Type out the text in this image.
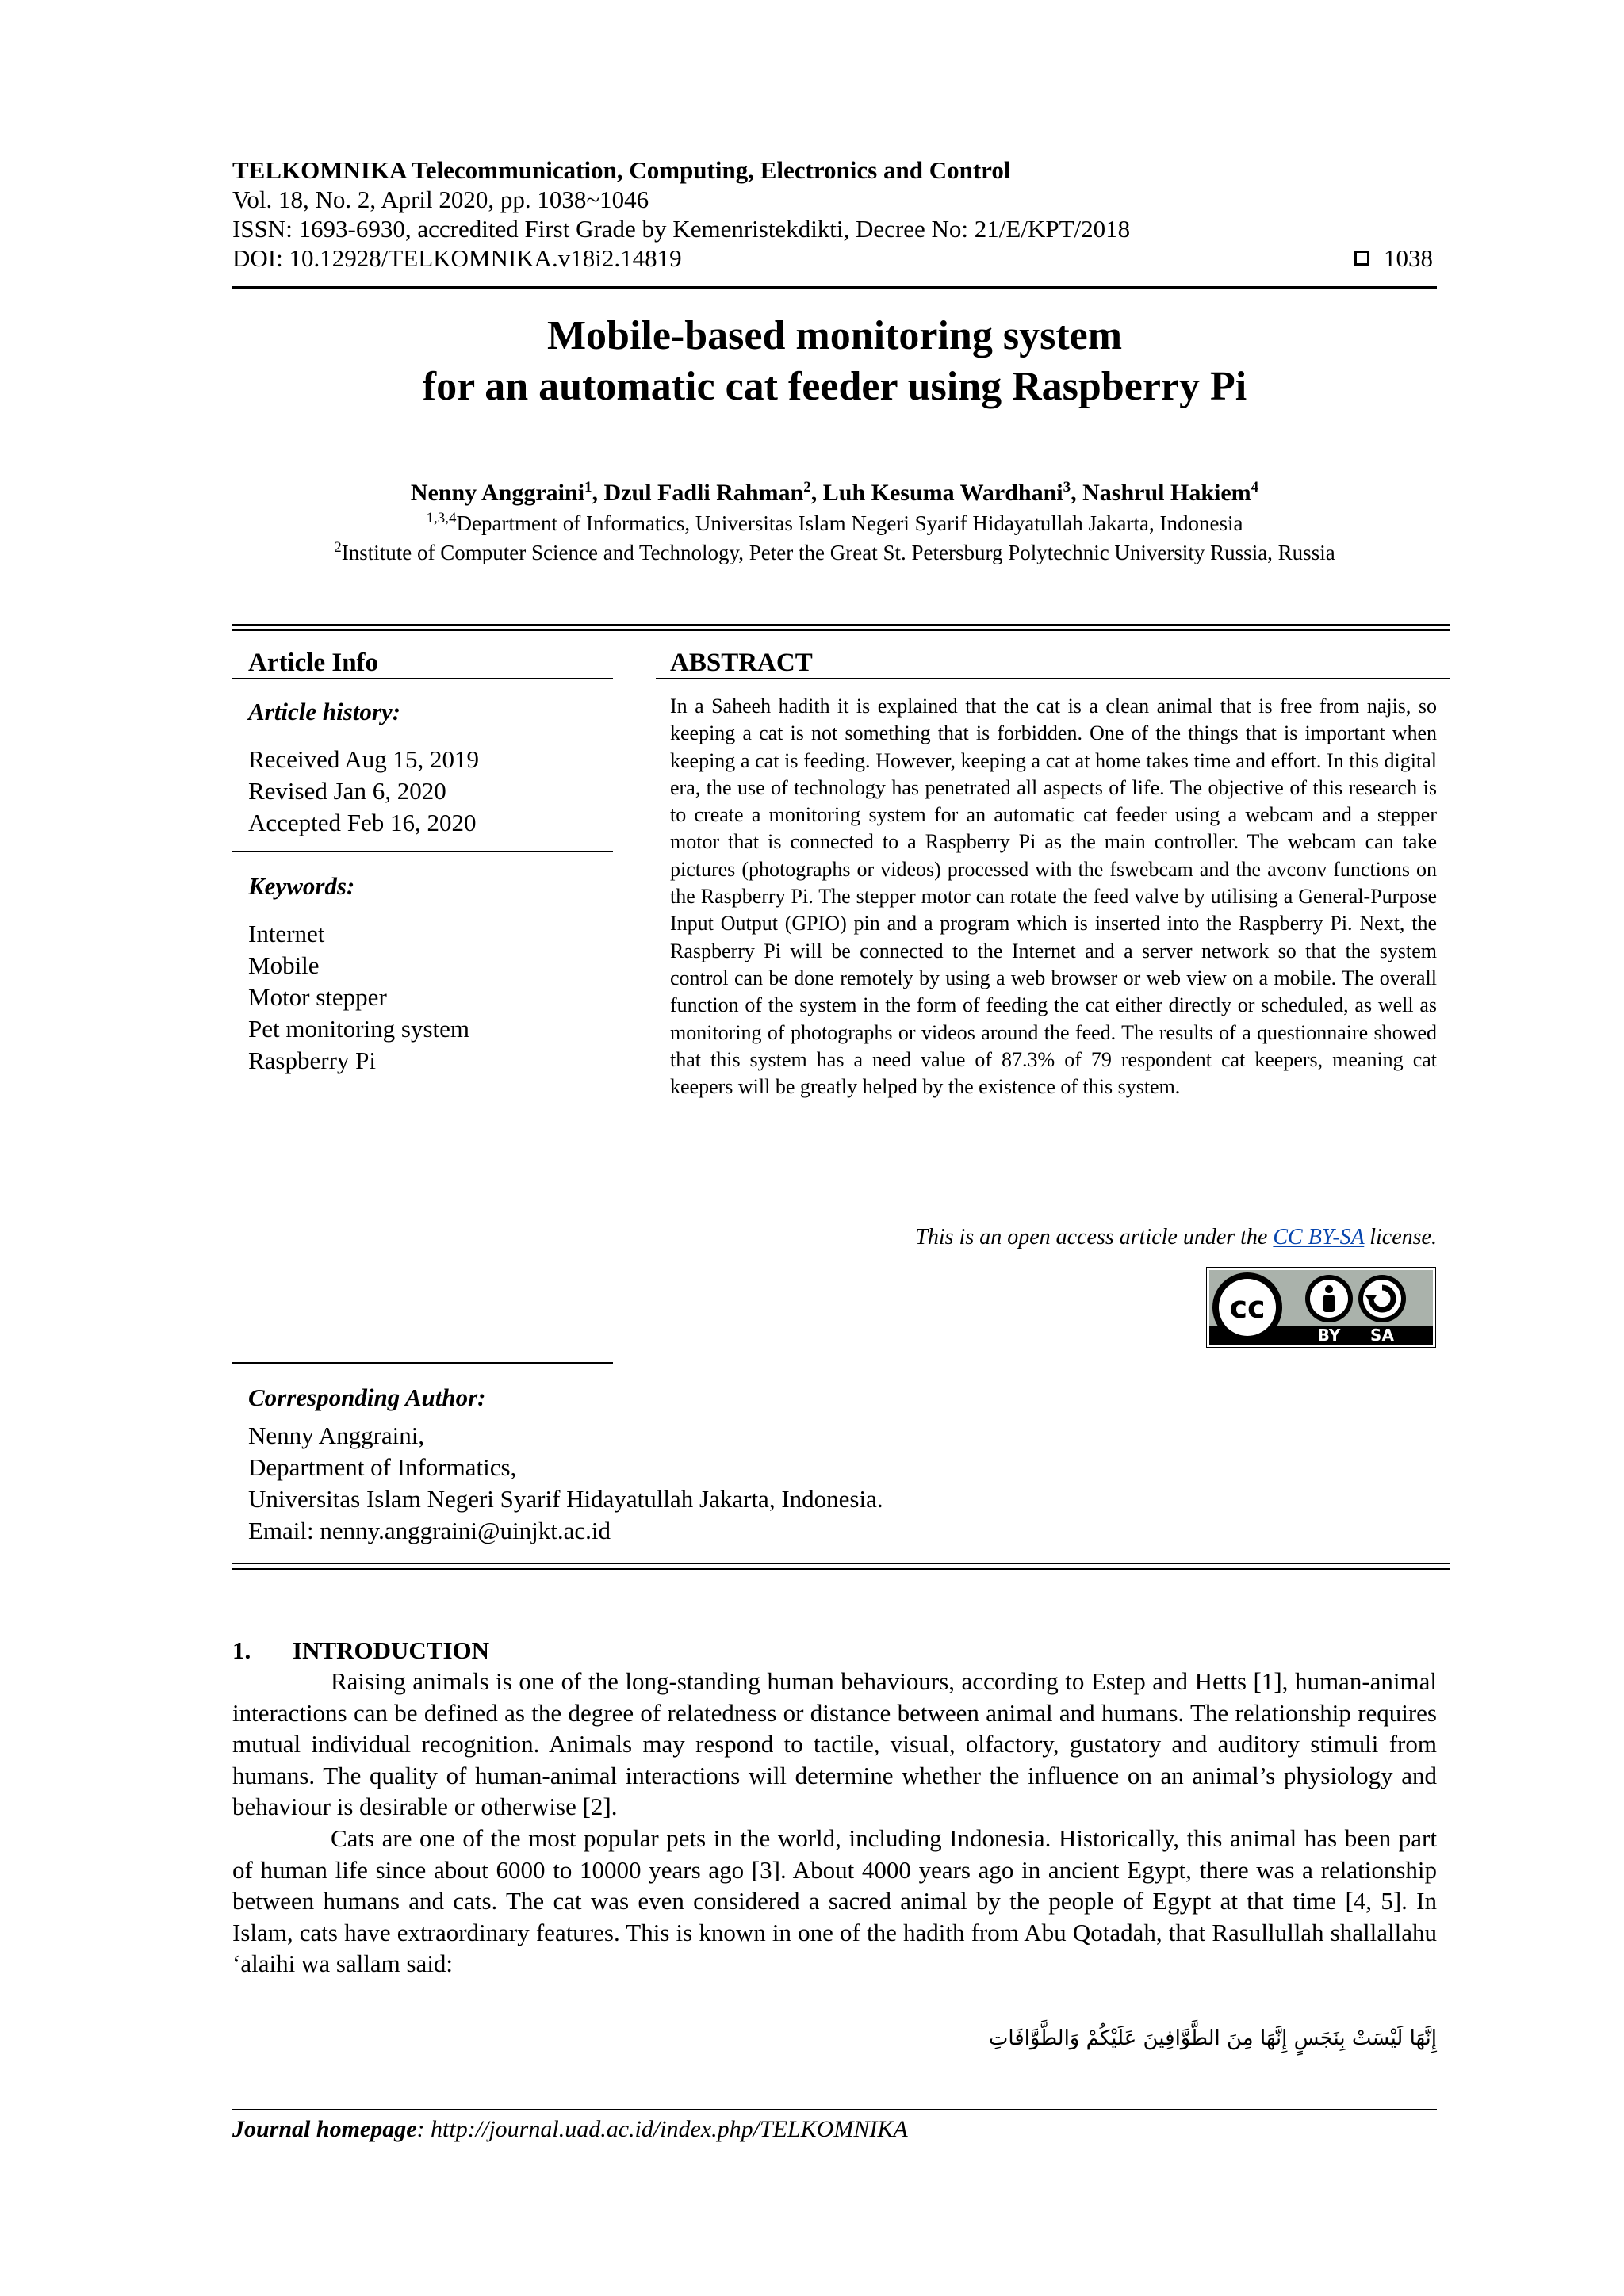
TELKOMNIKA Telecommunication, Computing, Electronics and Control
Vol. 18, No. 2, April 2020, pp. 1038~1046
ISSN: 1693-6930, accredited First Grade by Kemenristekdikti, Decree No: 21/E/KPT/2018
DOI: 10.12928/TELKOMNIKA.v18i2.14819	1038
Mobile-based monitoring system
for an automatic cat feeder using Raspberry Pi
Nenny Anggraini$^1$, Dzul Fadli Rahman$^2$, Luh Kesuma Wardhani$^3$, Nashrul Hakiem$^4$
$^{1,3,4}$Department of Informatics, Universitas Islam Negeri Syarif Hidayatullah Jakarta, Indonesia
$^2$Institute of Computer Science and Technology, Peter the Great St. Petersburg Polytechnic University Russia, Russia
Article Info
Article history:
Received Aug 15, 2019
Revised Jan 6, 2020
Accepted Feb 16, 2020
Keywords:
Internet
Mobile
Motor stepper
Pet monitoring system
Raspberry Pi
ABSTRACT
In a Saheeh hadith it is explained that the cat is a clean animal that is free from najis, so keeping a cat is not something that is forbidden. One of the things that is important when keeping a cat is feeding. However, keeping a cat at home takes time and effort. In this digital era, the use of technology has penetrated all aspects of life. The objective of this research is to create a monitoring system for an automatic cat feeder using a webcam and a stepper motor that is connected to a Raspberry Pi as the main controller. The webcam can take pictures (photographs or videos) processed with the fswebcam and the avconv functions on the Raspberry Pi. The stepper motor can rotate the feed valve by utilising a General-Purpose Input Output (GPIO) pin and a program which is inserted into the Raspberry Pi. Next, the Raspberry Pi will be connected to the Internet and a server network so that the system control can be done remotely by using a web browser or web view on a mobile. The overall function of the system in the form of feeding the cat either directly or scheduled, as well as monitoring of photographs or videos around the feed. The results of a questionnaire showed that this system has a need value of 87.3% of 79 respondent cat keepers, meaning cat keepers will be greatly helped by the existence of this system.
This is an open access article under the CC BY-SA license.
cc
BY SA
Corresponding Author:
Nenny Anggraini,
Department of Informatics,
Universitas Islam Negeri Syarif Hidayatullah Jakarta, Indonesia.
Email: nenny.anggraini@uinjkt.ac.id
1. INTRODUCTION

Raising animals is one of the long-standing human behaviours, according to Estep and Hetts [1], human-animal interactions can be defined as the degree of relatedness or distance between animal and humans. The relationship requires mutual individual recognition. Animals may respond to tactile, visual, olfactory, gustatory and auditory stimuli from humans. The quality of human-animal interactions will determine whether the influence on an animal’s physiology and behaviour is desirable or otherwise [2].

Cats are one of the most popular pets in the world, including Indonesia. Historically, this animal has been part of human life since about 6000 to 10000 years ago [3]. About 4000 years ago in ancient Egypt, there was a relationship between humans and cats. The cat was even considered a sacred animal by the people of Egypt at that time [4, 5]. In Islam, cats have extraordinary features. This is known in one of the hadith from Abu Qotadah, that Rasullullah shallallahu ‘alaihi wa sallam said:

إِنَّهَا لَيْسَتْ بِنَجَسٍ إِنَّهَا مِنَ الطَّوَّافِينَ عَلَيْكُمْ وَالطَّوَّافَاتِ
Journal homepage: http://journal.uad.ac.id/index.php/TELKOMNIKA
